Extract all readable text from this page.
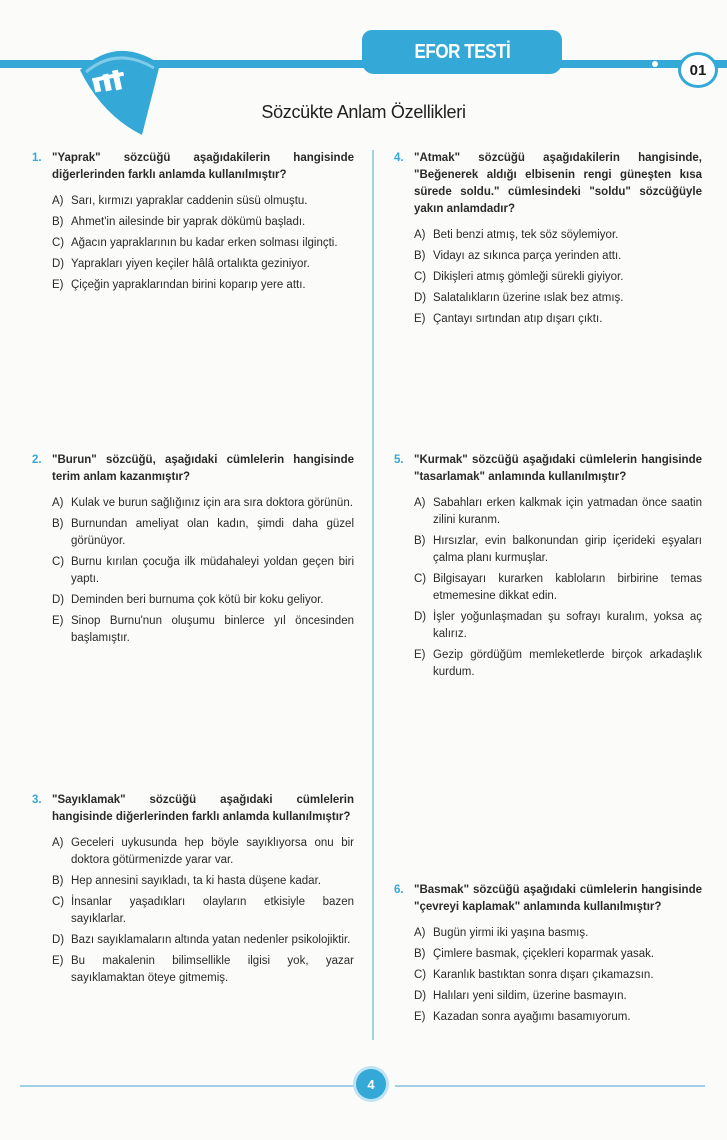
EFOR TESTİ
01
Sözcükte Anlam Özellikleri
1. "Yaprak" sözcüğü aşağıdakilerin hangisinde diğerlerinden farklı anlamda kullanılmıştır?
A) Sarı, kırmızı yapraklar caddenin süsü olmuştu.
B) Ahmet'in ailesinde bir yaprak dökümü başladı.
C) Ağacın yapraklarının bu kadar erken solması ilginçti.
D) Yaprakları yiyen keçiler hâlâ ortalıkta geziniyor.
E) Çiçeğin yapraklarından birini koparıp yere attı.
2. "Burun" sözcüğü, aşağıdaki cümlelerin hangisinde terim anlam kazanmıştır?
A) Kulak ve burun sağlığınız için ara sıra doktora görünün.
B) Burnundan ameliyat olan kadın, şimdi daha güzel görünüyor.
C) Burnu kırılan çocuğa ilk müdahaleyi yoldan geçen biri yaptı.
D) Deminden beri burnuma çok kötü bir koku geliyor.
E) Sinop Burnu'nun oluşumu binlerce yıl öncesinden başlamıştır.
3. "Sayıklamak" sözcüğü aşağıdaki cümlelerin hangisinde diğerlerinden farklı anlamda kullanılmıştır?
A) Geceleri uykusunda hep böyle sayıklıyorsa onu bir doktora götürmenizde yarar var.
B) Hep annesini sayıkladı, ta ki hasta düşene kadar.
C) İnsanlar yaşadıkları olayların etkisiyle bazen sayıklarlar.
D) Bazı sayıklamaların altında yatan nedenler psikolojiktir.
E) Bu makalenin bilimsellikle ilgisi yok, yazar sayıklamaktan öteye gitmemiş.
4. "Atmak" sözcüğü aşağıdakilerin hangisinde, "Beğenerek aldığı elbisenin rengi güneşten kısa sürede soldu." cümlesindeki "soldu" sözcüğüyle yakın anlamdadır?
A) Beti benzi atmış, tek söz söylemiyor.
B) Vidayı az sıkınca parça yerinden attı.
C) Dikişleri atmış gömleği sürekli giyiyor.
D) Salatalıkların üzerine ıslak bez atmış.
E) Çantayı sırtından atıp dışarı çıktı.
5. "Kurmak" sözcüğü aşağıdaki cümlelerin hangisinde "tasarlamak" anlamında kullanılmıştır?
A) Sabahları erken kalkmak için yatmadan önce saatin zilini kuranm.
B) Hırsızlar, evin balkonundan girip içerideki eşyaları çalma planı kurmuşlar.
C) Bilgisayarı kurarken kabloların birbirine temas etmemesine dikkat edin.
D) İşler yoğunlaşmadan şu sofrayı kuralım, yoksa aç kalırız.
E) Gezip gördüğüm memleketlerde birçok arkadaşlık kurdum.
6. "Basmak" sözcüğü aşağıdaki cümlelerin hangisinde "çevreyi kaplamak" anlamında kullanılmıştır?
A) Bugün yirmi iki yaşına basmış.
B) Çimlere basmak, çiçekleri koparmak yasak.
C) Karanlık bastıktan sonra dışarı çıkamazsın.
D) Halıları yeni sildim, üzerine basmayın.
E) Kazadan sonra ayağımı basamıyorum.
4
